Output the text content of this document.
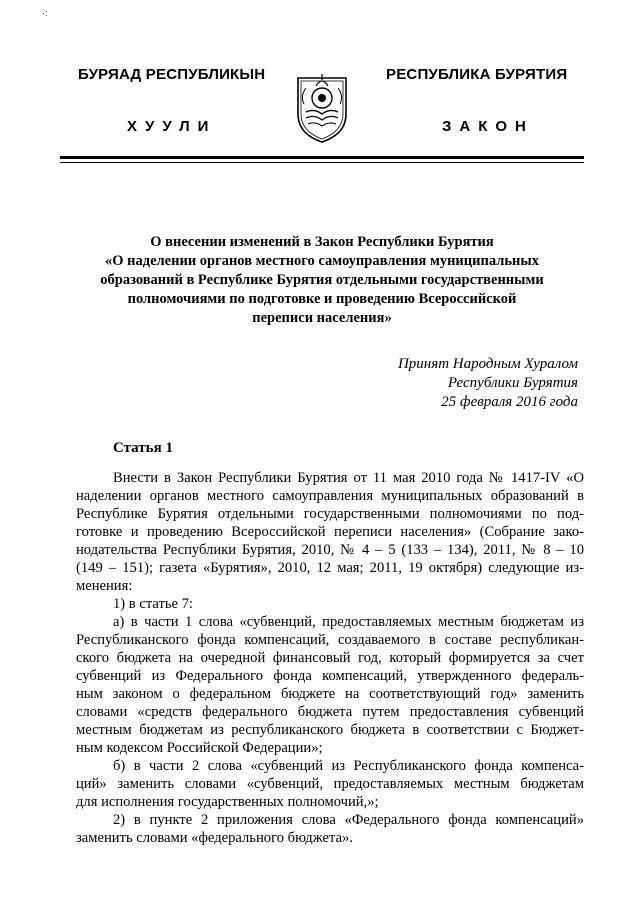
·:
БУРЯАД РЕСПУБЛИКЫН	РЕСПУБЛИКА БУРЯТИЯ
ХУУЛИ	ЗАКОН
О внесении изменений в Закон Республики Бурятия
«О наделении органов местного самоуправления муниципальных
образований в Республике Бурятия отдельными государственными
полномочиями по подготовке и проведению Всероссийской
переписи населения»
Принят Народным Хуралом
Республики Бурятия
25 февраля 2016 года
Статья 1
Внести в Закон Республики Бурятия от 11 мая 2010 года № 1417-IV «О
наделении органов местного самоуправления муниципальных образований в
Республике Бурятия отдельными государственными полномочиями по под-
готовке и проведению Всероссийской переписи населения» (Собрание зако-
нодательства Республики Бурятия, 2010, № 4 – 5 (133 – 134), 2011, № 8 – 10
(149 – 151); газета «Бурятия», 2010, 12 мая; 2011, 19 октября) следующие из-
менения:
1) в статье 7:
а) в части 1 слова «субвенций, предоставляемых местным бюджетам из
Республиканского фонда компенсаций, создаваемого в составе республикан-
ского бюджета на очередной финансовый год, который формируется за счет
субвенций из Федерального фонда компенсаций, утвержденного федераль-
ным законом о федеральном бюджете на соответствующий год» заменить
словами «средств федерального бюджета путем предоставления субвенций
местным бюджетам из республиканского бюджета в соответствии с Бюджет-
ным кодексом Российской Федерации»;
б) в части 2 слова «субвенций из Республиканского фонда компенса-
ций» заменить словами «субвенций, предоставляемых местным бюджетам
для исполнения государственных полномочий,»;
2) в пункте 2 приложения слова «Федерального фонда компенсаций»
заменить словами «федерального бюджета».
